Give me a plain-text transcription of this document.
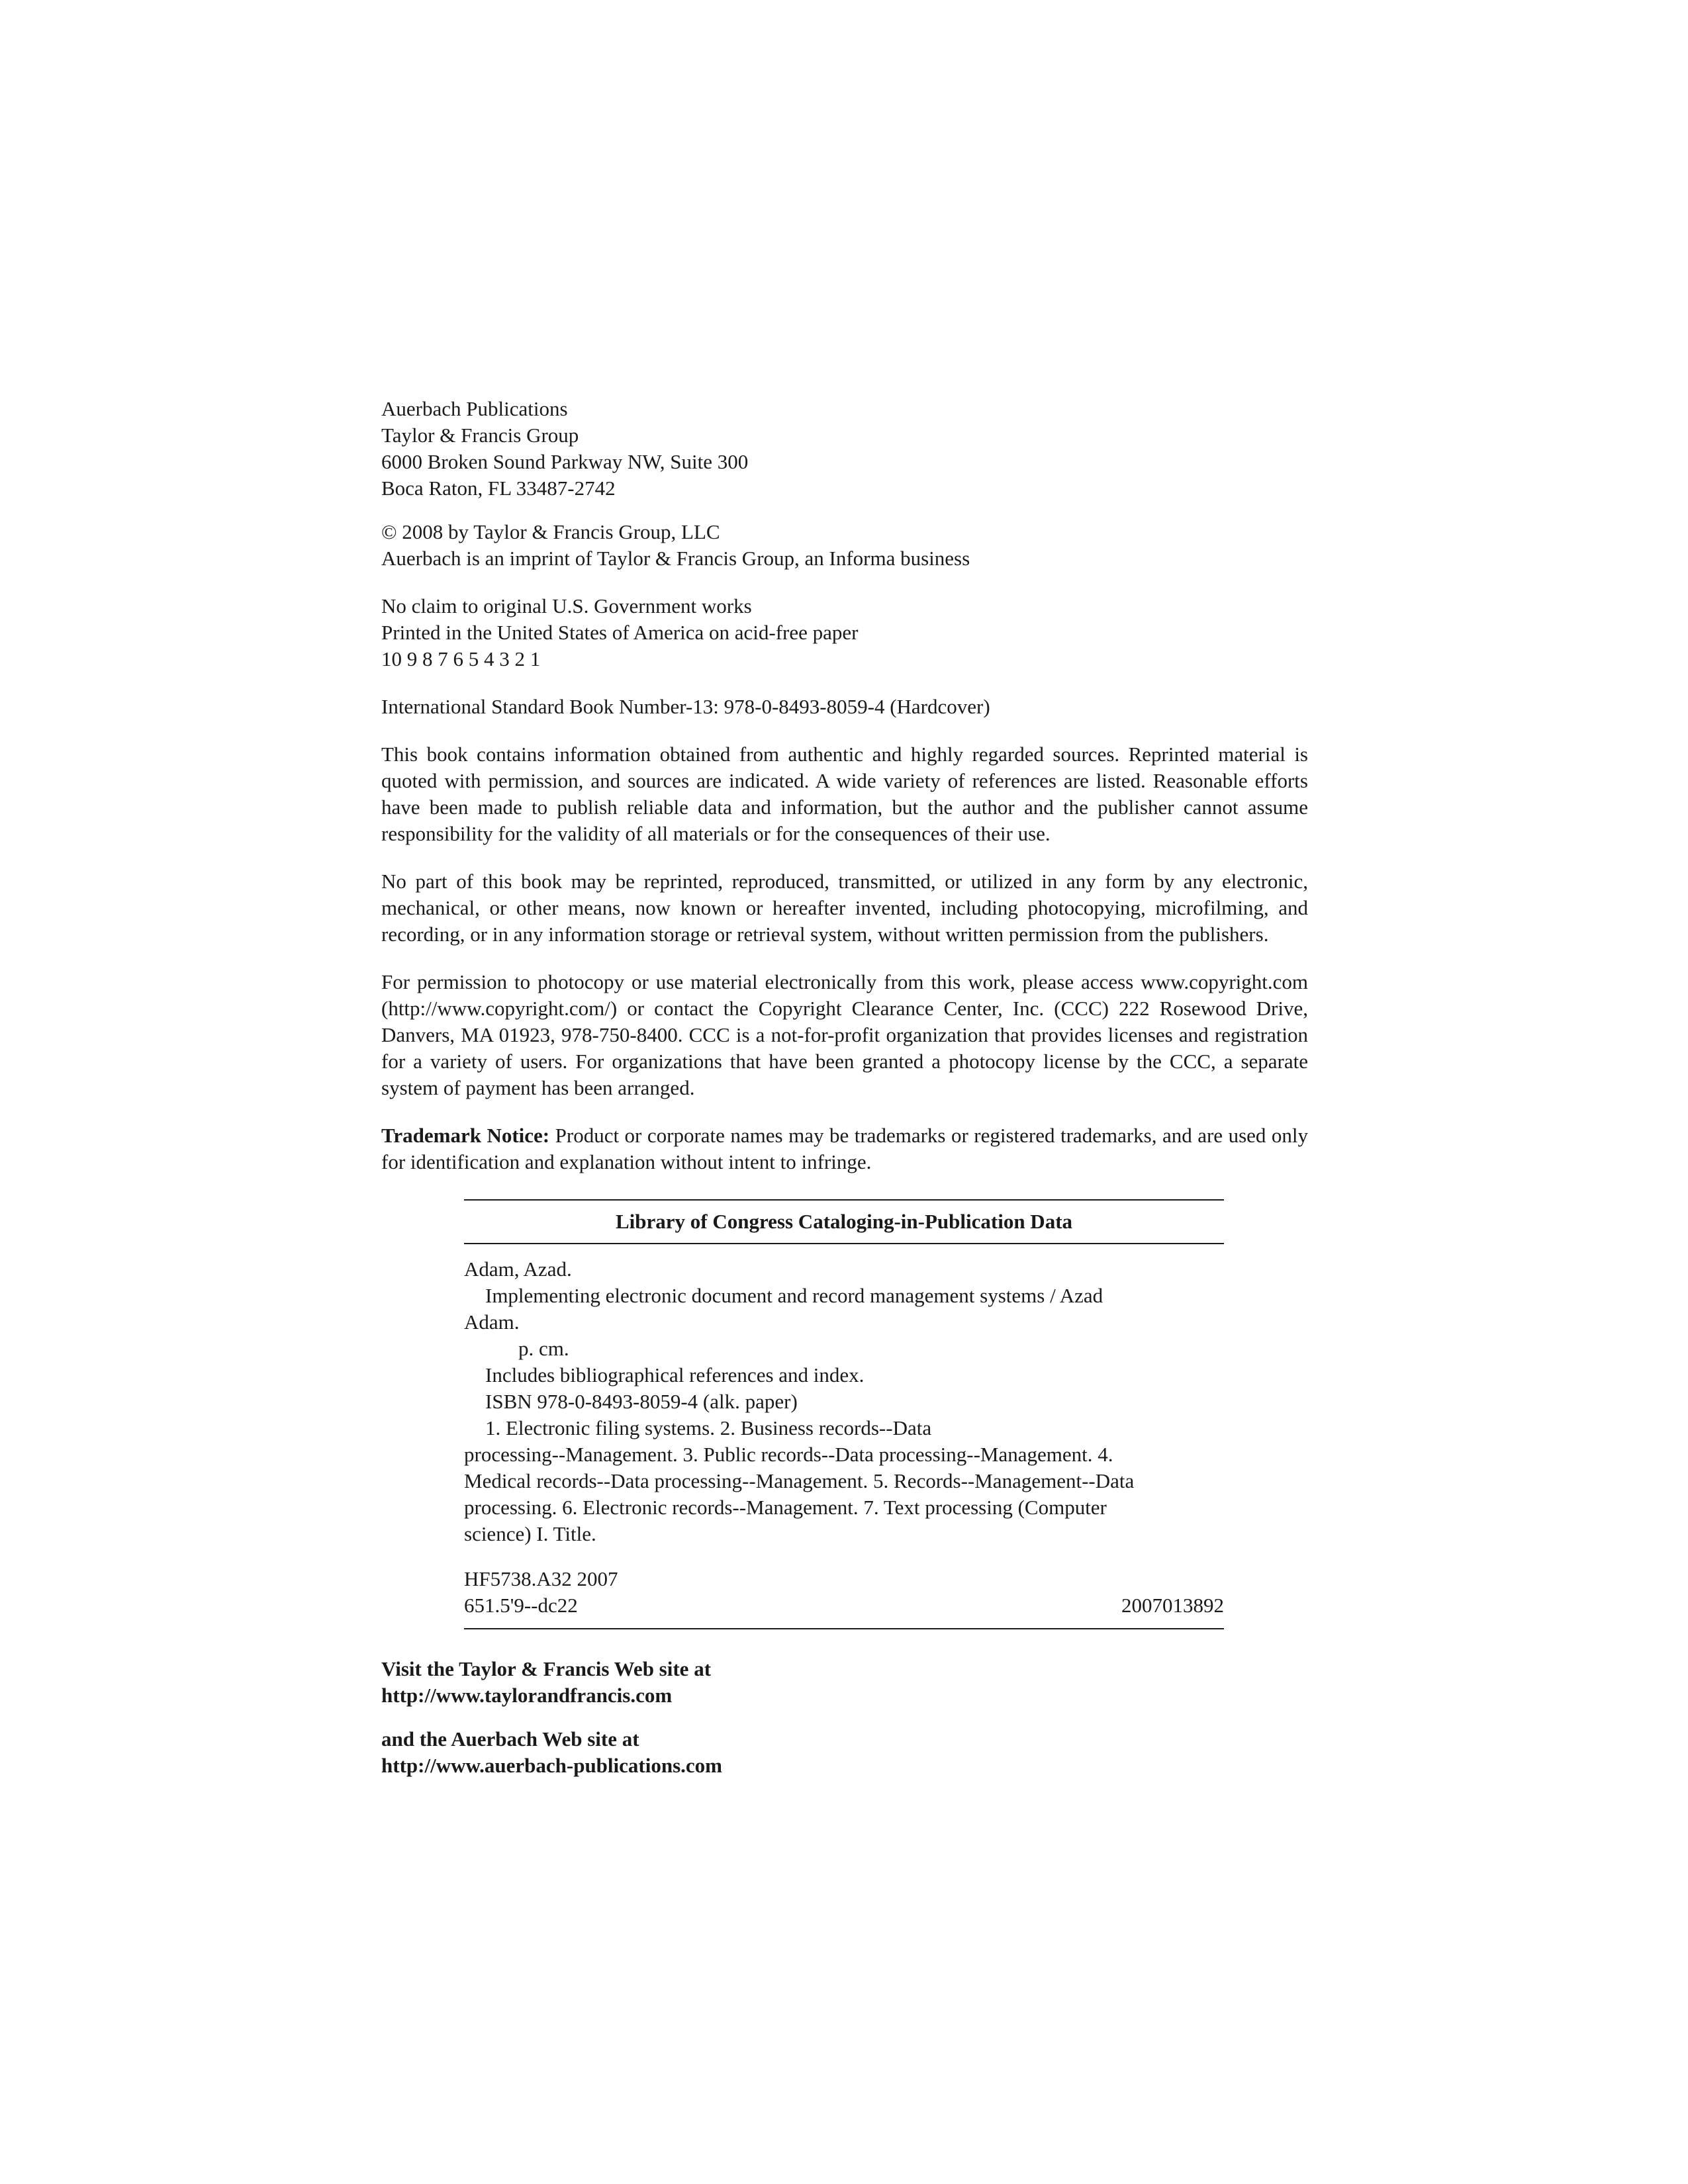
Auerbach Publications
Taylor & Francis Group
6000 Broken Sound Parkway NW, Suite 300
Boca Raton, FL 33487-2742
© 2008 by Taylor & Francis Group, LLC
Auerbach is an imprint of Taylor & Francis Group, an Informa business
No claim to original U.S. Government works
Printed in the United States of America on acid-free paper
10 9 8 7 6 5 4 3 2 1
International Standard Book Number-13: 978-0-8493-8059-4 (Hardcover)

This book contains information obtained from authentic and highly regarded sources. Reprinted material is quoted with permission, and sources are indicated. A wide variety of references are listed. Reasonable efforts have been made to publish reliable data and information, but the author and the publisher cannot assume responsibility for the validity of all materials or for the consequences of their use.

No part of this book may be reprinted, reproduced, transmitted, or utilized in any form by any electronic, mechanical, or other means, now known or hereafter invented, including photocopying, microfilming, and recording, or in any information storage or retrieval system, without written permission from the publishers.

For permission to photocopy or use material electronically from this work, please access www.copyright.com (http://www.copyright.com/) or contact the Copyright Clearance Center, Inc. (CCC) 222 Rosewood Drive, Danvers, MA 01923, 978-750-8400. CCC is a not-for-profit organization that provides licenses and registration for a variety of users. For organizations that have been granted a photocopy license by the CCC, a separate system of payment has been arranged.

Trademark Notice: Product or corporate names may be trademarks or registered trademarks, and are used only for identification and explanation without intent to infringe.

Library of Congress Cataloging-in-Publication Data
Adam, Azad.
Implementing electronic document and record management systems / Azad
Adam.
p. cm.
Includes bibliographical references and index.
ISBN 978-0-8493-8059-4 (alk. paper)
1. Electronic filing systems. 2. Business records--Data
processing--Management. 3. Public records--Data processing--Management. 4.
Medical records--Data processing--Management. 5. Records--Management--Data
processing. 6. Electronic records--Management. 7. Text processing (Computer
science) I. Title.
HF5738.A32 2007
651.5'9--dc22	2007013892
Visit the Taylor & Francis Web site at
http://www.taylorandfrancis.com
and the Auerbach Web site at
http://www.auerbach-publications.com
